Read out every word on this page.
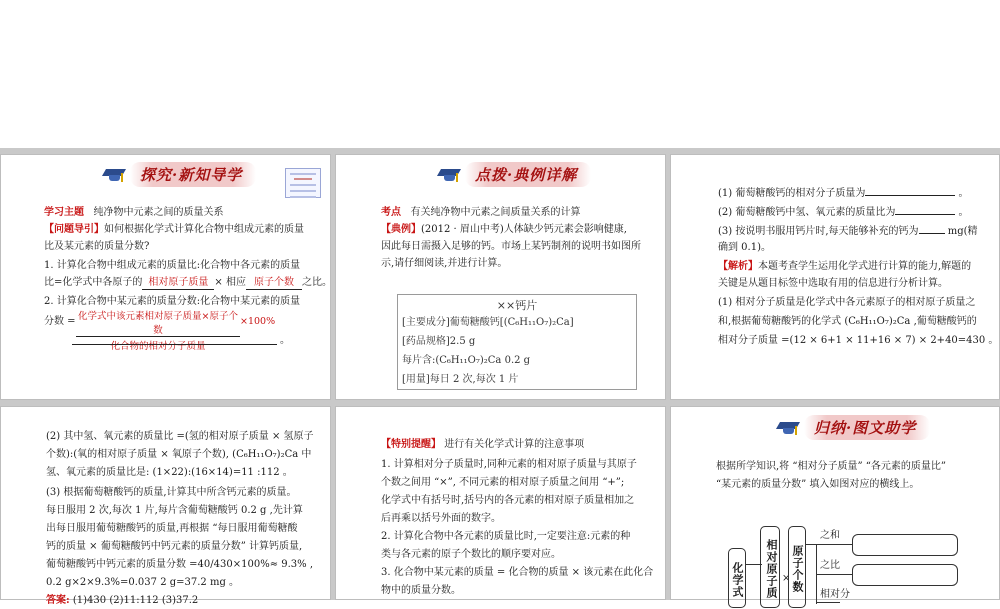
探究·新知导学
学习主题 纯净物中元素之间的质量关系
【问题导引】如何根据化学式计算化合物中组成元素的质量
比及某元素的质量分数?
1. 计算化合物中组成元素的质量比:化合物中各元素的质量
比=化学式中各原子的 相对原子质量 × 相应 原子个数 之比。
2. 计算化合物中某元素的质量分数:化合物中某元素的质量
分数 = 化学式中该元素相对原子质量×原子个数
化合物的相对分子质量
×100%
。
点拨·典例详解
考点 有关纯净物中元素之间质量关系的计算
【典例】(2012 · 眉山中考)人体缺少钙元素会影响健康,
因此每日需摄入足够的钙。市场上某钙制剂的说明书如图所
示,请仔细阅读,并进行计算。
××钙片
[主要成分]葡萄糖酸钙[(C₆H₁₁O₇)₂Ca]
[药品规格]2.5 g
每片含:(C₆H₁₁O₇)₂Ca 0.2 g
[用量]每日 2 次,每次 1 片
(1) 葡萄糖酸钙的相对分子质量为	。
(2) 葡萄糖酸钙中氢、氧元素的质量比为	。
(3) 按说明书服用钙片时,每天能够补充的钙为	mg(精
确到 0.1)。
【解析】本题考查学生运用化学式进行计算的能力,解题的
关键是从题目标签中选取有用的信息进行分析计算。
(1) 相对分子质量是化学式中各元素原子的相对原子质量之
和,根据葡萄糖酸钙的化学式 (C₆H₁₁O₇)₂Ca ,葡萄糖酸钙的
相对分子质量 =(12 × 6+1 × 11+16 × 7) × 2+40=430 。
(2) 其中氢、氧元素的质量比 =(氢的相对原子质量 × 氢原子
个数):(氧的相对原子质量 × 氧原子个数), (C₆H₁₁O₇)₂Ca 中
氢、氧元素的质量比是: (1×22):(16×14)=11 :112 。
(3) 根据葡萄糖酸钙的质量,计算其中所含钙元素的质量。
每日服用 2 次,每次 1 片,每片含葡萄糖酸钙 0.2 g ,先计算
出每日服用葡萄糖酸钙的质量,再根据 “每日服用葡萄糖酸
钙的质量 × 葡萄糖酸钙中钙元素的质量分数” 计算钙质量,
葡萄糖酸钙中钙元素的质量分数 =40/430×100%≈ 9.3% ,
0.2 g×2×9.3%=0.037 2 g=37.2 mg 。
答案: (1)430 (2)11:112 (3)37.2
【特别提醒】 进行有关化学式计算的注意事项
1. 计算相对分子质量时,同种元素的相对原子质量与其原子
个数之间用 “×”, 不同元素的相对原子质量之间用 “+”;
化学式中有括号时,括号内的各元素的相对原子质量相加之
后再乘以括号外面的数字。
2. 计算化合物中各元素的质量比时,一定要注意:元素的种
类与各元素的原子个数比的顺序要对应。
3. 化合物中某元素的质量 = 化合物的质量 × 该元素在此化合
物中的质量分数。
归纳·图文助学
根据所学知识,将 “相对分子质量” “各元素的质量比”
“某元素的质量分数” 填入如图对应的横线上。
化学式	相对原子质 × 原子个数
之和
之比
相对分
